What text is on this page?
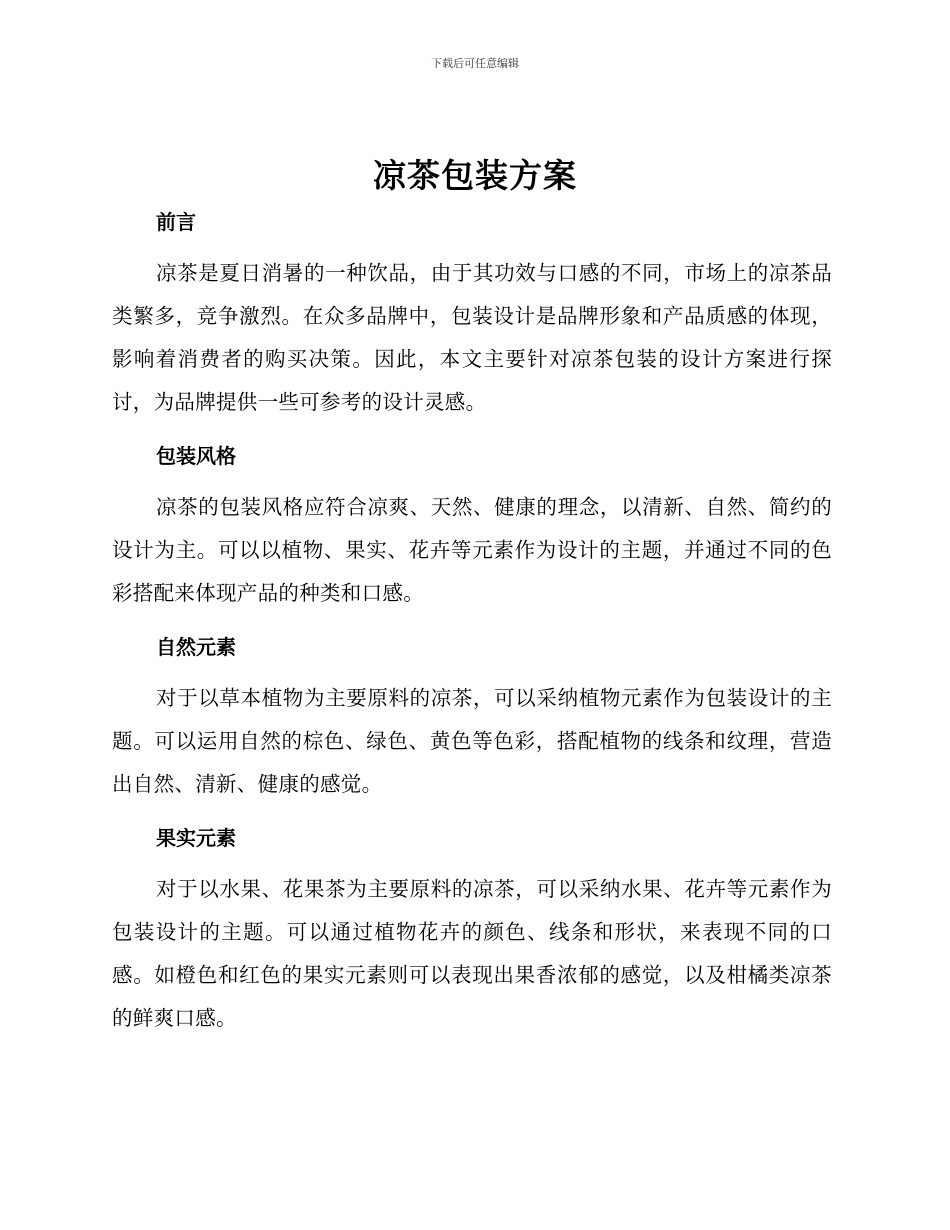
下载后可任意编辑
凉茶包装方案
前言

凉茶是夏日消暑的一种饮品，由于其功效与口感的不同，市场上的凉茶品类繁多，竞争激烈。在众多品牌中，包装设计是品牌形象和产品质感的体现，影响着消费者的购买决策。因此，本文主要针对凉茶包装的设计方案进行探讨，为品牌提供一些可参考的设计灵感。

包装风格

凉茶的包装风格应符合凉爽、天然、健康的理念，以清新、自然、简约的设计为主。可以以植物、果实、花卉等元素作为设计的主题，并通过不同的色彩搭配来体现产品的种类和口感。

自然元素

对于以草本植物为主要原料的凉茶，可以采纳植物元素作为包装设计的主题。可以运用自然的棕色、绿色、黄色等色彩，搭配植物的线条和纹理，营造出自然、清新、健康的感觉。

果实元素

对于以水果、花果茶为主要原料的凉茶，可以采纳水果、花卉等元素作为包装设计的主题。可以通过植物花卉的颜色、线条和形状，来表现不同的口感。如橙色和红色的果实元素则可以表现出果香浓郁的感觉，以及柑橘类凉茶的鲜爽口感。
